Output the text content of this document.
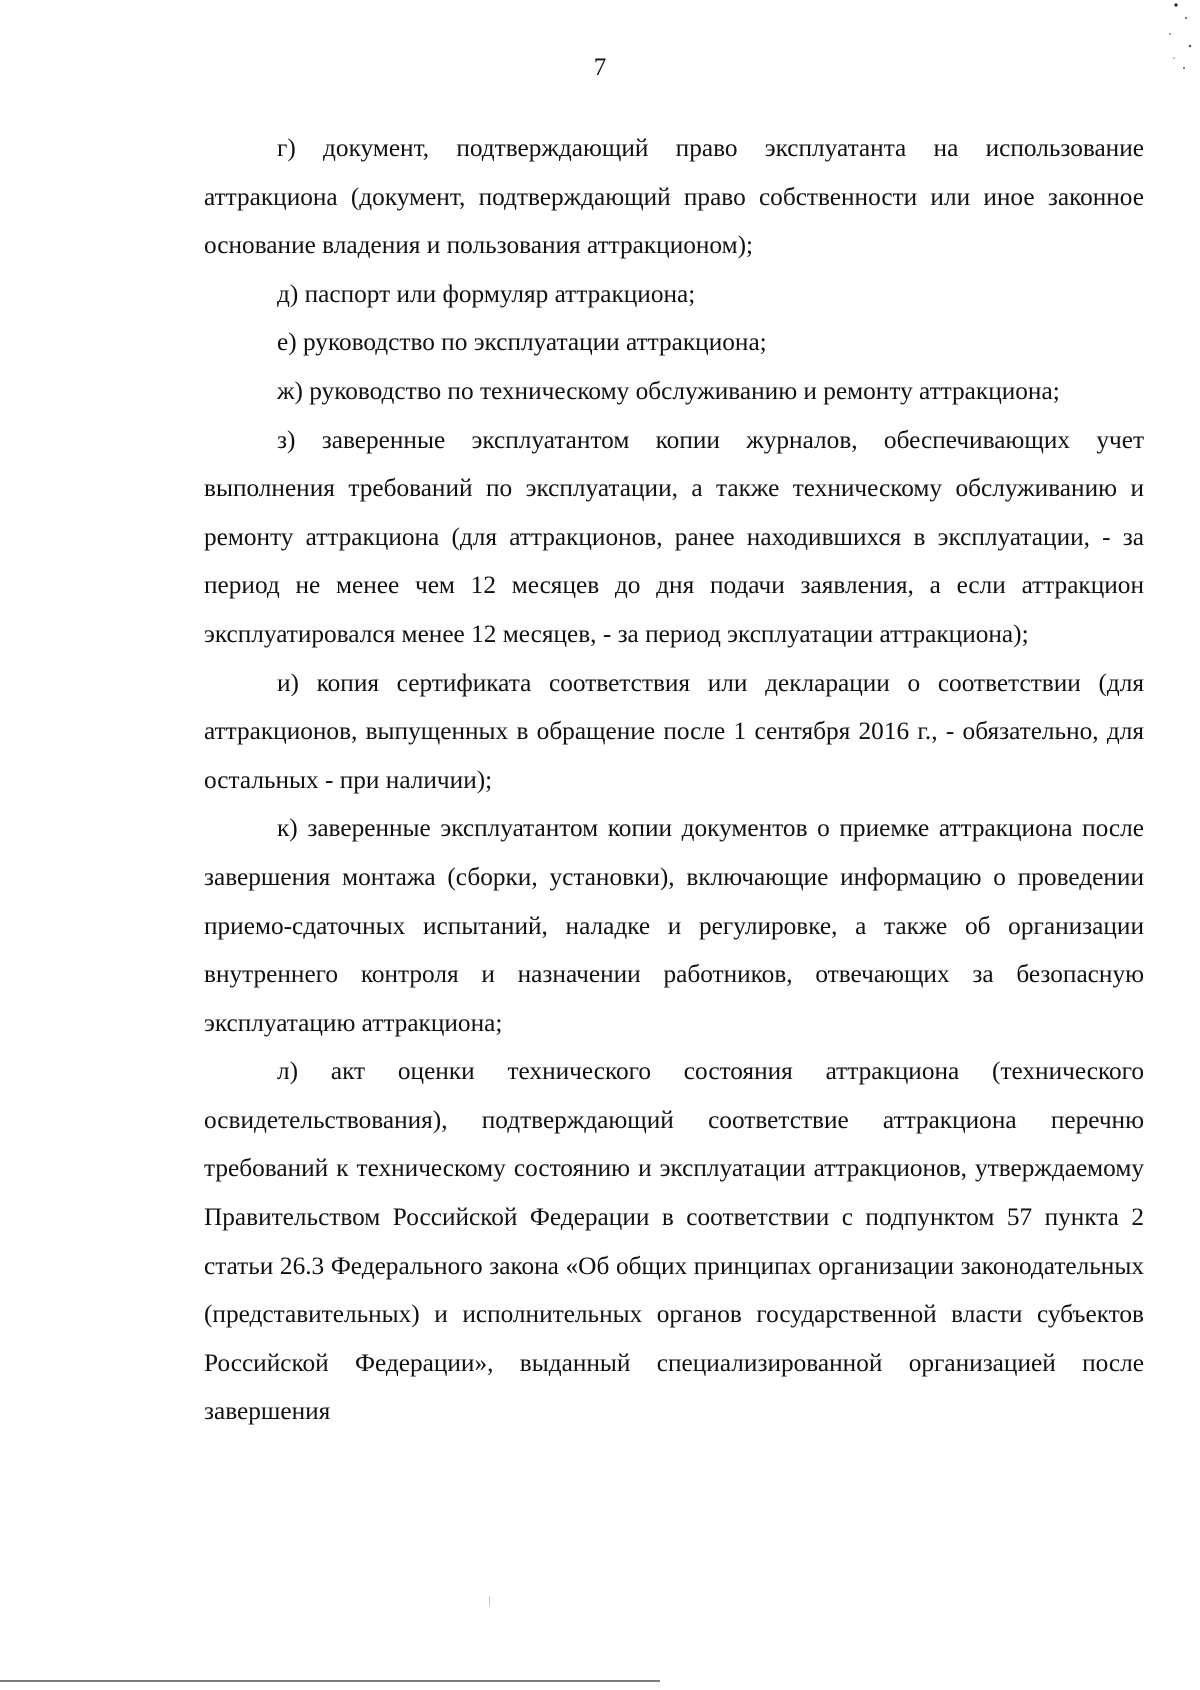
7

г) документ, подтверждающий право эксплуатанта на использование аттракциона (документ, подтверждающий право собственности или иное законное основание владения и пользования аттракционом);

д) паспорт или формуляр аттракциона;

е) руководство по эксплуатации аттракциона;

ж) руководство по техническому обслуживанию и ремонту аттракциона;

з) заверенные эксплуатантом копии журналов, обеспечивающих учет выполнения требований по эксплуатации, а также техническому обслуживанию и ремонту аттракциона (для аттракционов, ранее находившихся в эксплуатации, - за период не менее чем 12 месяцев до дня подачи заявления, а если аттракцион эксплуатировался менее 12 месяцев, - за период эксплуатации аттракциона);

и) копия сертификата соответствия или декларации о соответствии (для аттракционов, выпущенных в обращение после 1 сентября 2016 г., - обязательно, для остальных - при наличии);

к) заверенные эксплуатантом копии документов о приемке аттракциона после завершения монтажа (сборки, установки), включающие информацию о проведении приемо-сдаточных испытаний, наладке и регулировке, а также об организации внутреннего контроля и назначении работников, отвечающих за безопасную эксплуатацию аттракциона;

л) акт оценки технического состояния аттракциона (технического освидетельствования), подтверждающий соответствие аттракциона перечню требований к техническому состоянию и эксплуатации аттракционов, утверждаемому Правительством Российской Федерации в соответствии с подпунктом 57 пункта 2 статьи 26.3 Федерального закона «Об общих принципах организации законодательных (представительных) и исполнительных органов государственной власти субъектов Российской Федерации», выданный специализированной организацией после завершения
